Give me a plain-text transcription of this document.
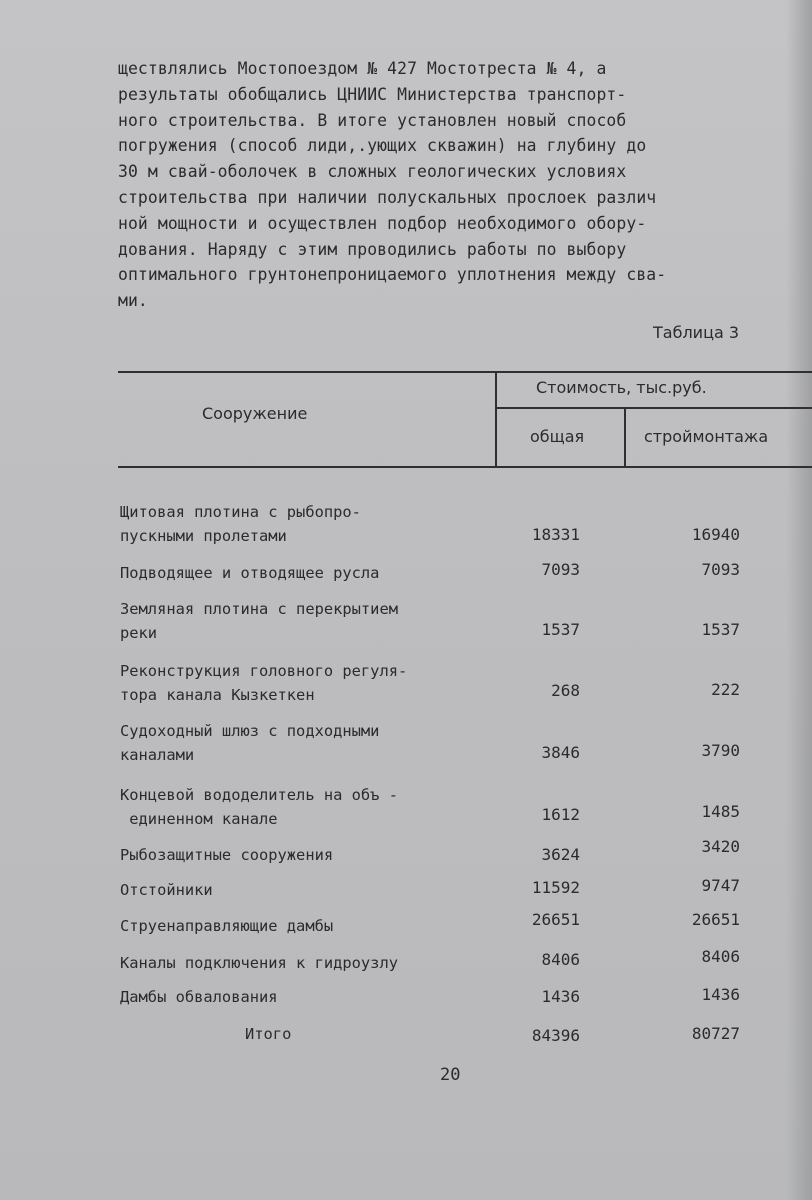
ществлялись Мостопоездом № 427 Мостотреста № 4, а
результаты обобщались ЦНИИС Министерства транспорт-
ного строительства. В итоге установлен новый способ
погружения (способ лиди,.ующих скважин) на глубину до
30 м свай-оболочек в сложных геологических условиях
строительства при наличии полускальных прослоек различ
ной мощности и осуществлен подбор необходимого обору-
дования. Наряду с этим проводились работы по выбору
оптимального грунтонепроницаемого уплотнения между сва-
ми.
Таблица 3
Сооружение
Стоимость, тыс.руб.
общая	строймонтажа
Щитовая плотина с рыбопро-
пускными пролетами	18331	16940
Подводящее и отводящее русла	7093	7093
Земляная плотина с перекрытием
реки	1537	1537
Реконструкция головного регуля-
тора канала Кызкеткен	268	222
Судоходный шлюз с подходными
каналами	3846	3790
Концевой вододелитель на объ -
единенном канале	1612	1485
Рыбозащитные сооружения	3624	3420
Отстойники	11592	9747
Струенаправляющие дамбы	26651	26651
Каналы подключения к гидроузлу	8406	8406
Дамбы обвалования	1436	1436
Итого	84396	80727
20
